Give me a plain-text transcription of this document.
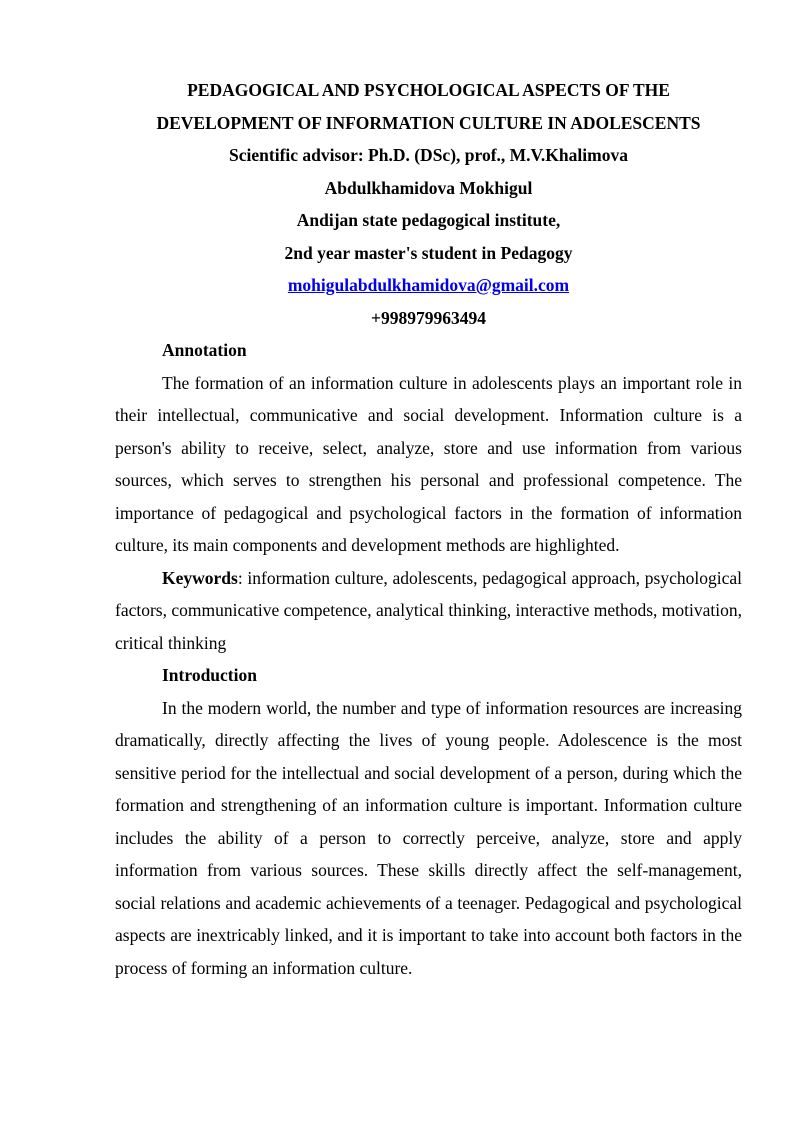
PEDAGOGICAL AND PSYCHOLOGICAL ASPECTS OF THE

DEVELOPMENT OF INFORMATION CULTURE IN ADOLESCENTS

Scientific advisor: Ph.D. (DSc), prof., M.V.Khalimova

Abdulkhamidova Mokhigul

Andijan state pedagogical institute,

2nd year master's student in Pedagogy

mohigulabdulkhamidova@gmail.com

+998979963494

Annotation

The formation of an information culture in adolescents plays an important role in their intellectual, communicative and social development. Information culture is a person's ability to receive, select, analyze, store and use information from various sources, which serves to strengthen his personal and professional competence. The importance of pedagogical and psychological factors in the formation of information culture, its main components and development methods are highlighted.

Keywords: information culture, adolescents, pedagogical approach, psychological factors, communicative competence, analytical thinking, interactive methods, motivation, critical thinking

Introduction

In the modern world, the number and type of information resources are increasing dramatically, directly affecting the lives of young people. Adolescence is the most sensitive period for the intellectual and social development of a person, during which the formation and strengthening of an information culture is important. Information culture includes the ability of a person to correctly perceive, analyze, store and apply information from various sources. These skills directly affect the self-management, social relations and academic achievements of a teenager. Pedagogical and psychological aspects are inextricably linked, and it is important to take into account both factors in the process of forming an information culture.
